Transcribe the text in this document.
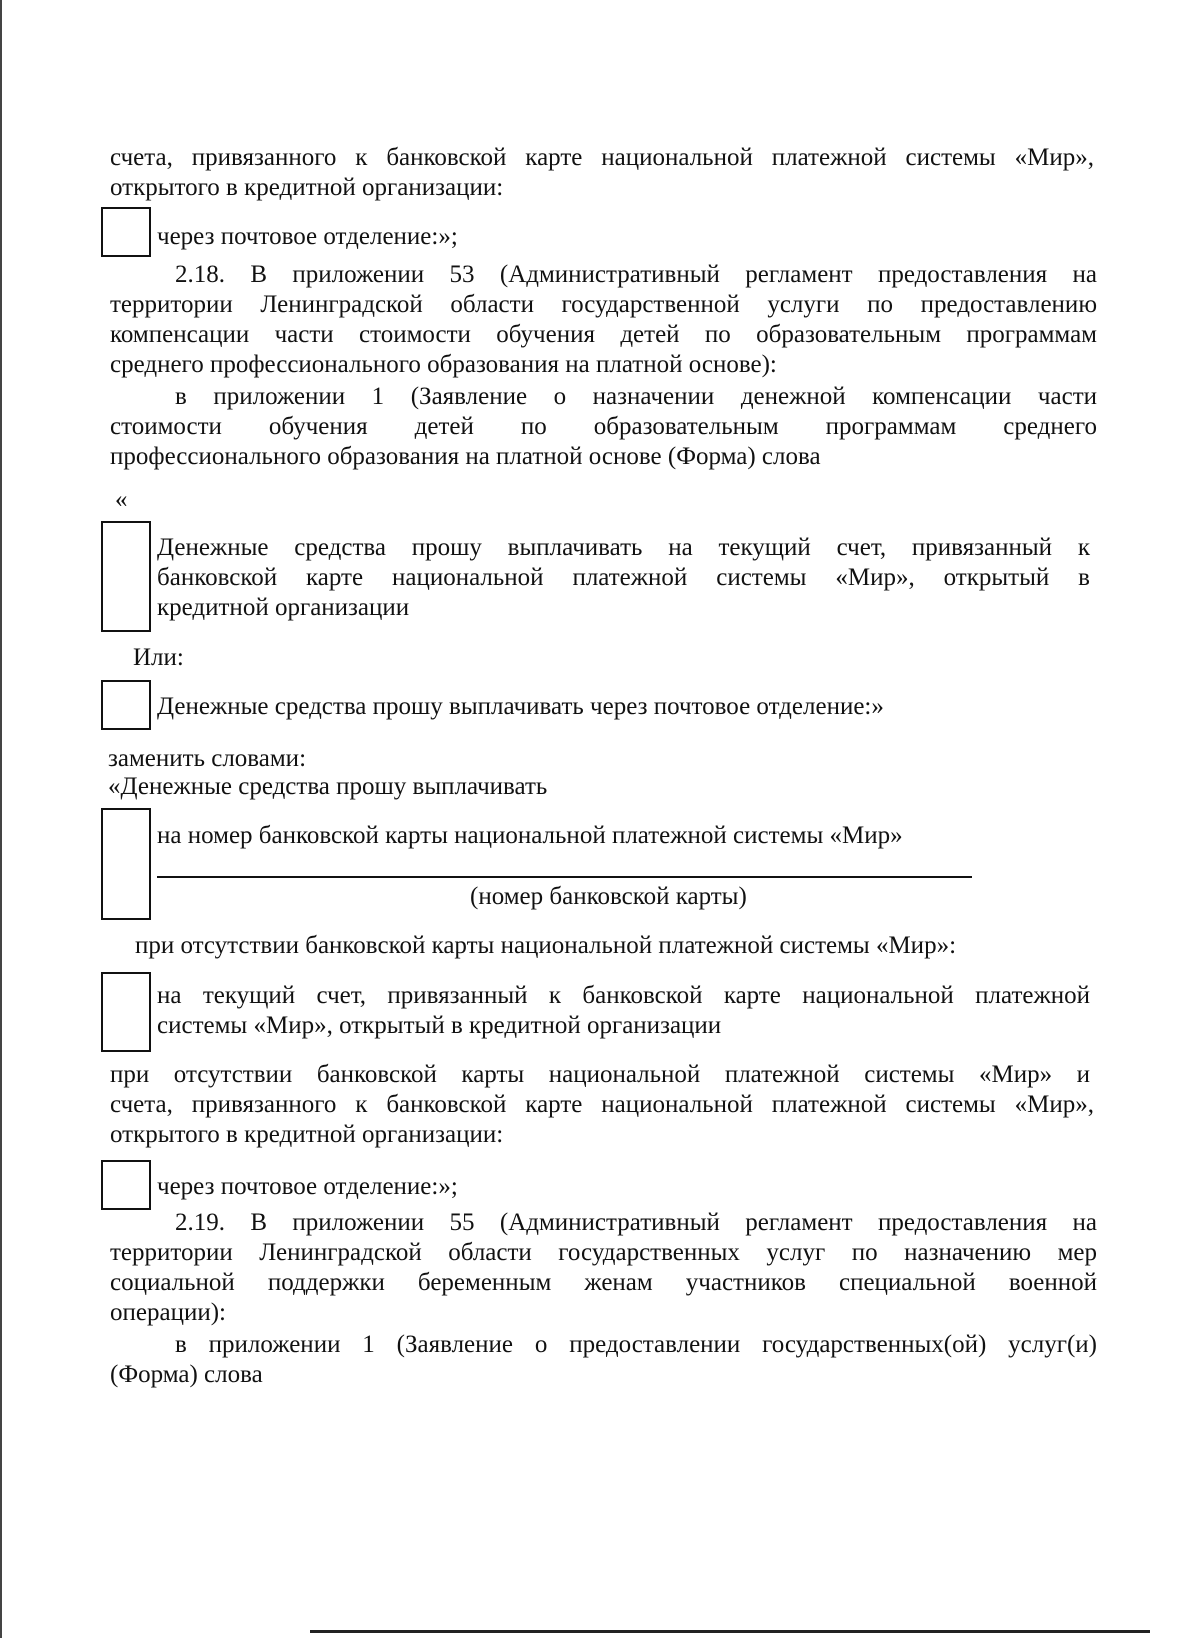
счета, привязанного к банковской карте национальной платежной системы «Мир»,
открытого в кредитной организации:
через почтовое отделение:»;
2.18. В приложении 53 (Административный регламент предоставления на
территории Ленинградской области государственной услуги по предоставлению
компенсации части стоимости обучения детей по образовательным программам
среднего профессионального образования на платной основе):
в приложении 1 (Заявление о назначении денежной компенсации части
стоимости обучения детей по образовательным программам среднего
профессионального образования на платной основе (Форма) слова
«
Денежные средства прошу выплачивать на текущий счет, привязанный к
банковской карте национальной платежной системы «Мир», открытый в
кредитной организации
Или:
Денежные средства прошу выплачивать через почтовое отделение:»
заменить словами:
«Денежные средства прошу выплачивать
на номер банковской карты национальной платежной системы «Мир»
(номер банковской карты)
при отсутствии банковской карты национальной платежной системы «Мир»:
на текущий счет, привязанный к банковской карте национальной платежной
системы «Мир», открытый в кредитной организации
при отсутствии банковской карты национальной платежной системы «Мир» и
счета, привязанного к банковской карте национальной платежной системы «Мир»,
открытого в кредитной организации:
через почтовое отделение:»;
2.19. В приложении 55 (Административный регламент предоставления на
территории Ленинградской области государственных услуг по назначению мер
социальной поддержки беременным женам участников специальной военной
операции):
в приложении 1 (Заявление о предоставлении государственных(ой) услуг(и)
(Форма) слова
